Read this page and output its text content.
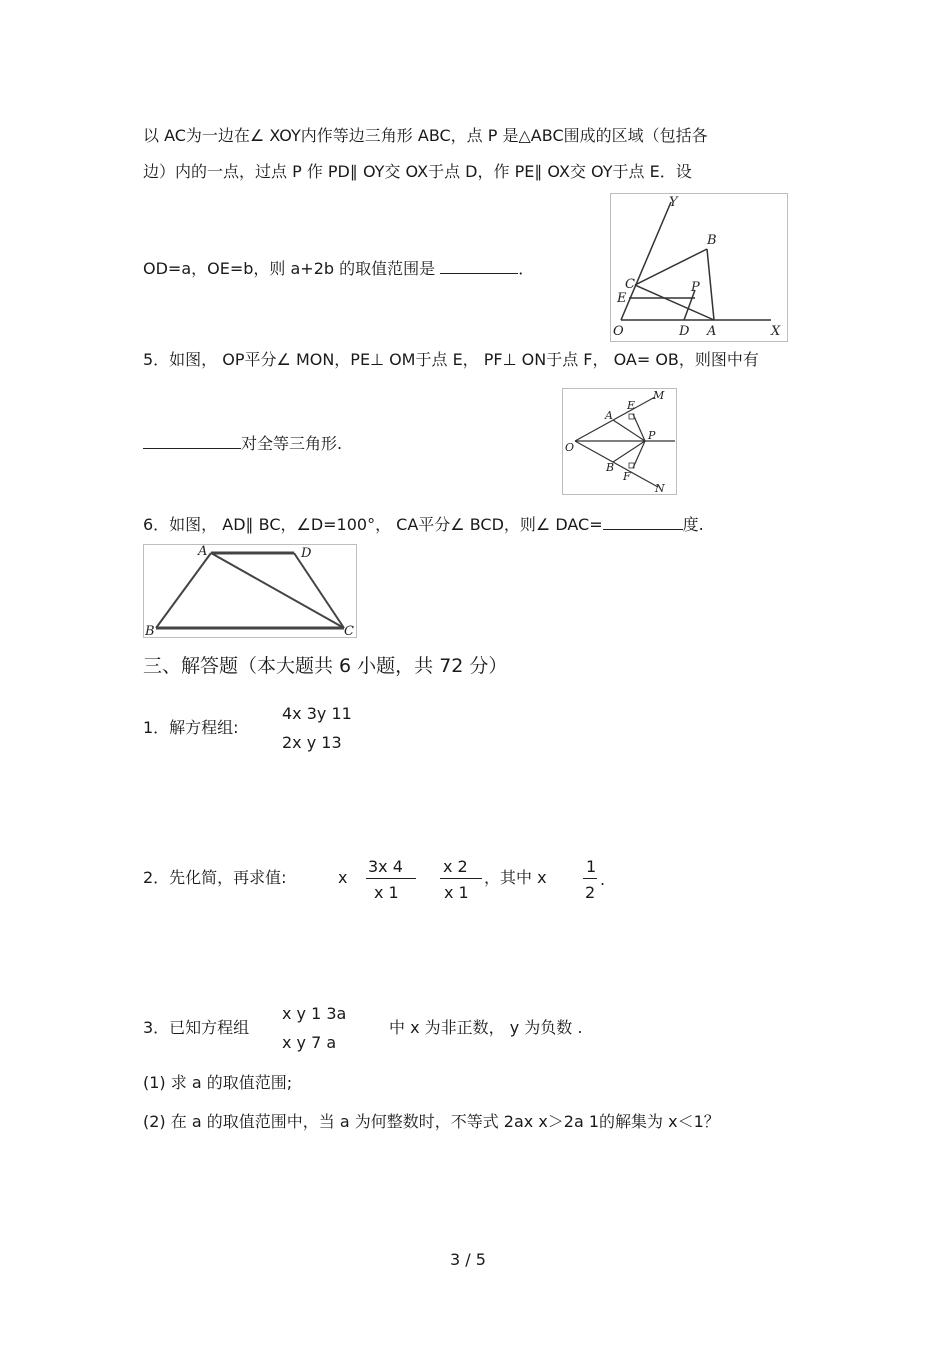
以 AC为一边在∠ XOY内作等边三角形 ABC，点 P 是△ABC围成的区域（包括各
边）内的一点，过点 P 作 PD∥ OY交 OX于点 D，作 PE∥ OX交 OY于点 E．设
OD=a，OE=b，则 a+2b 的取值范围是	．
Y
B
C
E
P
O	D A	X
5．如图， OP平分∠ MON，PE⊥ OM于点 E， PF⊥ ON于点 F， OA= OB，则图中有
对全等三角形.
M
E
A
O
P
B
F
N
6．如图， AD∥ BC，∠D=100°， CA平分∠ BCD，则∠ DAC=	度.
A	D
B	C
三、解答题（本大题共 6 小题，共 72 分）
1．解方程组:
4x 3y 11
2x y 13
2．先化简，再求值:	x
3x 4
x 1
x 2
x 1
，其中 x
1
2
.
3．已知方程组
x y 1 3a
x y 7 a
中 x 为非正数， y 为负数 .
(1) 求 a 的取值范围;
(2) 在 a 的取值范围中，当 a 为何整数时，不等式 2ax x＞2a 1的解集为 x＜1？
3 / 5
